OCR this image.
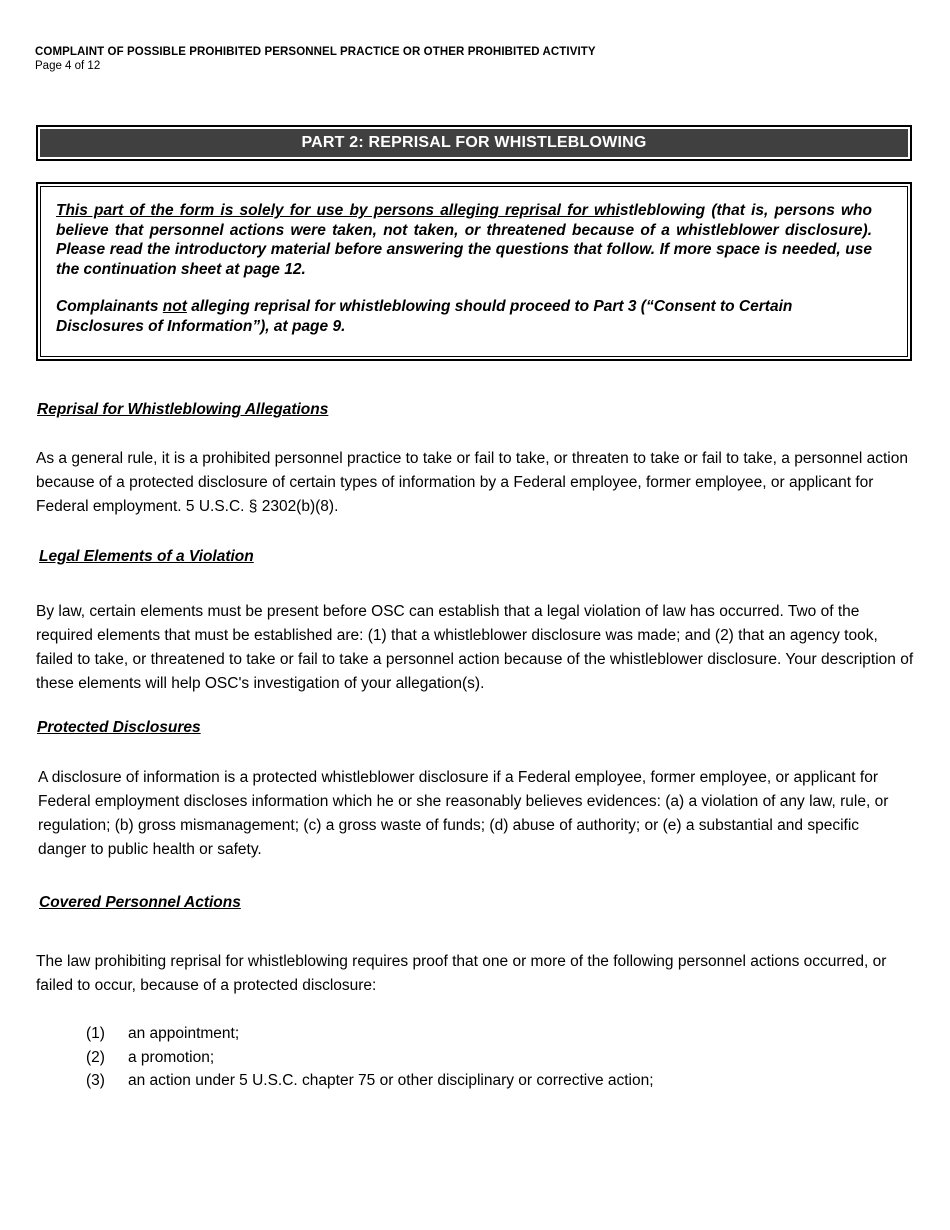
COMPLAINT OF POSSIBLE PROHIBITED PERSONNEL PRACTICE OR OTHER PROHIBITED ACTIVITY
Page 4 of 12
PART 2: REPRISAL FOR WHISTLEBLOWING

This part of the form is solely for use by persons alleging reprisal for whistleblowing (that is, persons who believe that personnel actions were taken, not taken, or threatened because of a whistleblower disclosure). Please read the introductory material before answering the questions that follow. If more space is needed, use the continuation sheet at page 12.

Complainants not alleging reprisal for whistleblowing should proceed to Part 3 (“Consent to Certain Disclosures of Information”), at page 9.

Reprisal for Whistleblowing Allegations

As a general rule, it is a prohibited personnel practice to take or fail to take, or threaten to take or fail to take, a personnel action because of a protected disclosure of certain types of information by a Federal employee, former employee, or applicant for Federal employment. 5 U.S.C. § 2302(b)(8).

Legal Elements of a Violation

By law, certain elements must be present before OSC can establish that a legal violation of law has occurred. Two of the required elements that must be established are: (1) that a whistleblower disclosure was made; and (2) that an agency took, failed to take, or threatened to take or fail to take a personnel action because of the whistleblower disclosure. Your description of these elements will help OSC's investigation of your allegation(s).

Protected Disclosures

A disclosure of information is a protected whistleblower disclosure if a Federal employee, former employee, or applicant for Federal employment discloses information which he or she reasonably believes evidences: (a) a violation of any law, rule, or regulation; (b) gross mismanagement; (c) a gross waste of funds; (d) abuse of authority; or (e) a substantial and specific danger to public health or safety.

Covered Personnel Actions

The law prohibiting reprisal for whistleblowing requires proof that one or more of the following personnel actions occurred, or failed to occur, because of a protected disclosure:

(1)	an appointment;
(2)	a promotion;
(3)	an action under 5 U.S.C. chapter 75 or other disciplinary or corrective action;
